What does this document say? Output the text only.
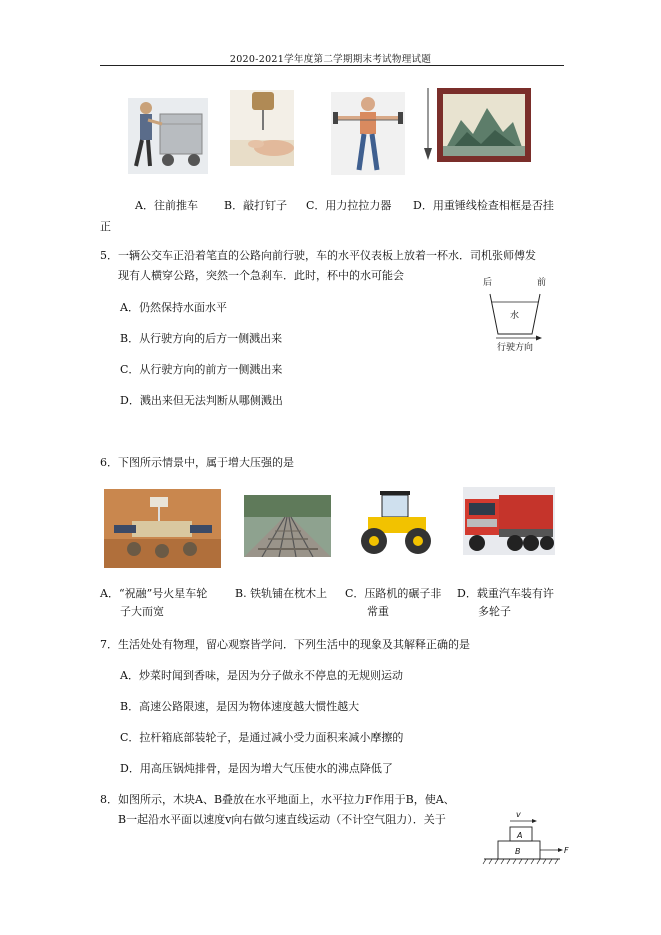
2020-2021学年度第二学期期末考试物理试题
A．往前推车 B．敲打钉子 C．用力拉拉力器 D．用重锤线检查相框是否挂
正
5．一辆公交车正沿着笔直的公路向前行驶，车的水平仪表板上放着一杯水．司机张师傅发
现有人横穿公路，突然一个急刹车．此时，杯中的水可能会
A．仍然保持水面水平
B．从行驶方向的后方一侧溅出来
C．从行驶方向的前方一侧溅出来
D．溅出来但无法判断从哪侧溅出
后	前
水
行驶方向
6．下图所示情景中，属于增大压强的是
A．“祝融”号火星车轮
子大而宽
B. 铁轨铺在枕木上	C．压路机的碾子非
常重
D．载重汽车装有许
多轮子
7．生活处处有物理，留心观察皆学问．下列生活中的现象及其解释正确的是
A．炒菜时闻到香味，是因为分子做永不停息的无规则运动
B．高速公路限速，是因为物体速度越大惯性越大
C．拉杆箱底部装轮子，是通过减小受力面积来减小摩擦的
D．用高压锅炖排骨，是因为增大气压使水的沸点降低了
8．如图所示，木块A、B叠放在水平地面上，水平拉力F作用于B，使A、
B一起沿水平面以速度v向右做匀速直线运动（不计空气阻力）．关于	v
A
B	F
